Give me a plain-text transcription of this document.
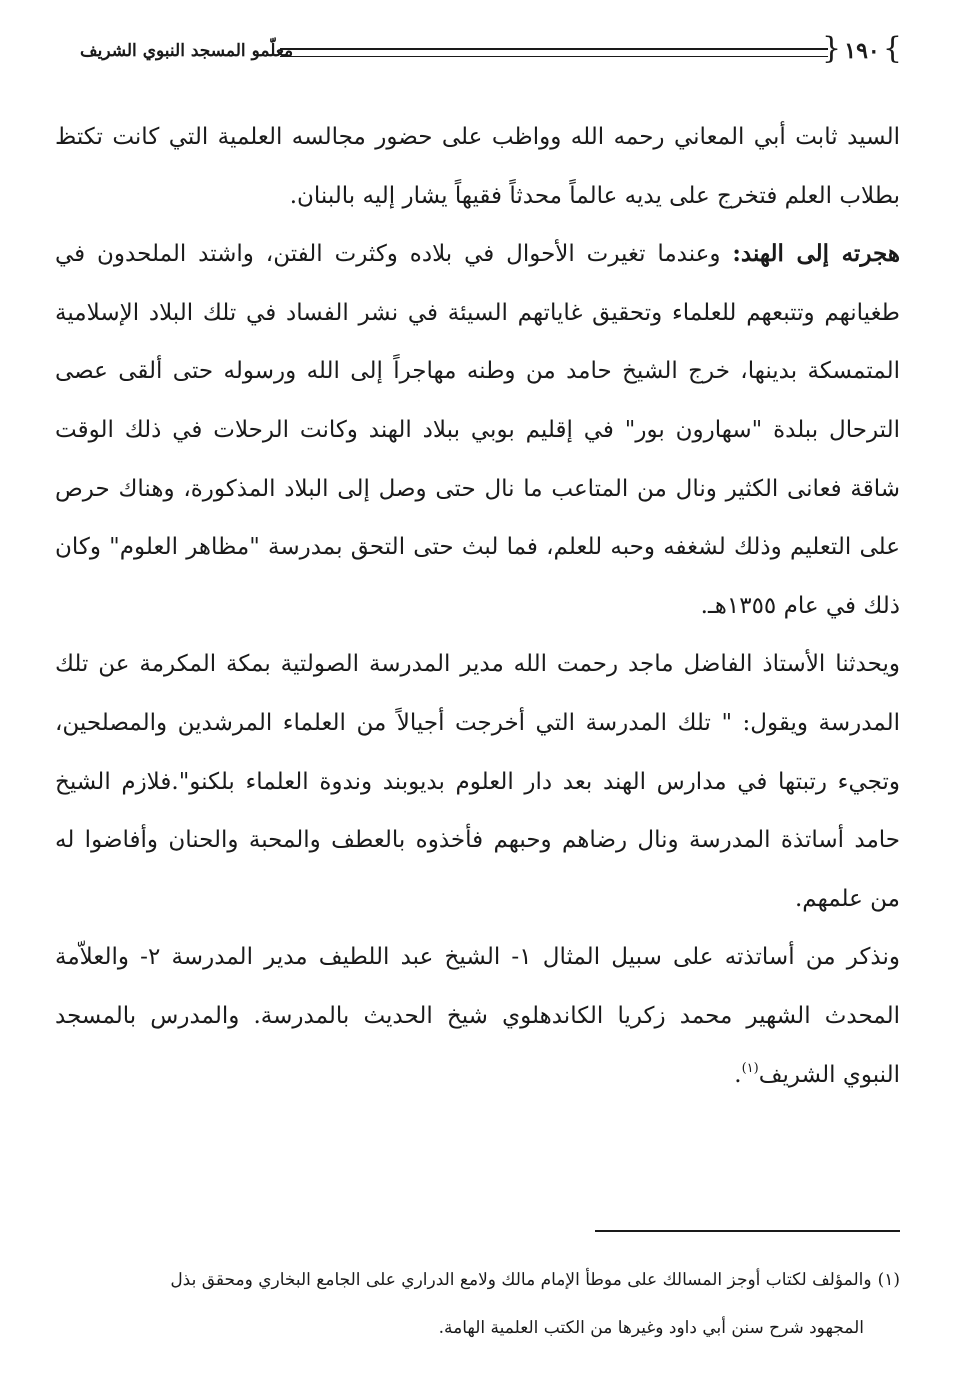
} ١٩٠ {
معلّمو المسجد النبوي الشريف

السيد ثابت أبي المعاني رحمه الله وواظب على حضور مجالسه العلمية التي كانت تكتظ بطلاب العلم فتخرج على يديه عالماً محدثاً فقيهاً يشار إليه بالبنان.

هجرته إلى الهند: وعندما تغيرت الأحوال في بلاده وكثرت الفتن، واشتد الملحدون في طغيانهم وتتبعهم للعلماء وتحقيق غاياتهم السيئة في نشر الفساد في تلك البلاد الإسلامية المتمسكة بدينها، خرج الشيخ حامد من وطنه مهاجراً إلى الله ورسوله حتى ألقى عصى الترحال ببلدة "سهارون بور" في إقليم بوبي ببلاد الهند وكانت الرحلات في ذلك الوقت شاقة فعانى الكثير ونال من المتاعب ما نال حتى وصل إلى البلاد المذكورة، وهناك حرص على التعليم وذلك لشغفه وحبه للعلم، فما لبث حتى التحق بمدرسة "مظاهر العلوم" وكان ذلك في عام ١٣٥٥هـ.

ويحدثنا الأستاذ الفاضل ماجد رحمت الله مدير المدرسة الصولتية بمكة المكرمة عن تلك المدرسة ويقول: " تلك المدرسة التي أخرجت أجيالاً من العلماء المرشدين والمصلحين، وتجيء رتبتها في مدارس الهند بعد دار العلوم بديوبند وندوة العلماء بلكنو".فلازم الشيخ حامد أساتذة المدرسة ونال رضاهم وحبهم فأخذوه بالعطف والمحبة والحنان وأفاضوا له من علمهم.

ونذكر من أساتذته على سبيل المثال ١- الشيخ عبد اللطيف مدير المدرسة ٢- والعلاّمة المحدث الشهير محمد زكريا الكاندهلوي شيخ الحديث بالمدرسة. والمدرس بالمسجد النبوي الشريف$^{(١)}$.

(١)والمؤلف لكتاب أوجز المسالك على موطأ الإمام مالك ولامع الدراري على الجامع البخاري ومحقق بذل

المجهود شرح سنن أبي داود وغيرها من الكتب العلمية الهامة.
